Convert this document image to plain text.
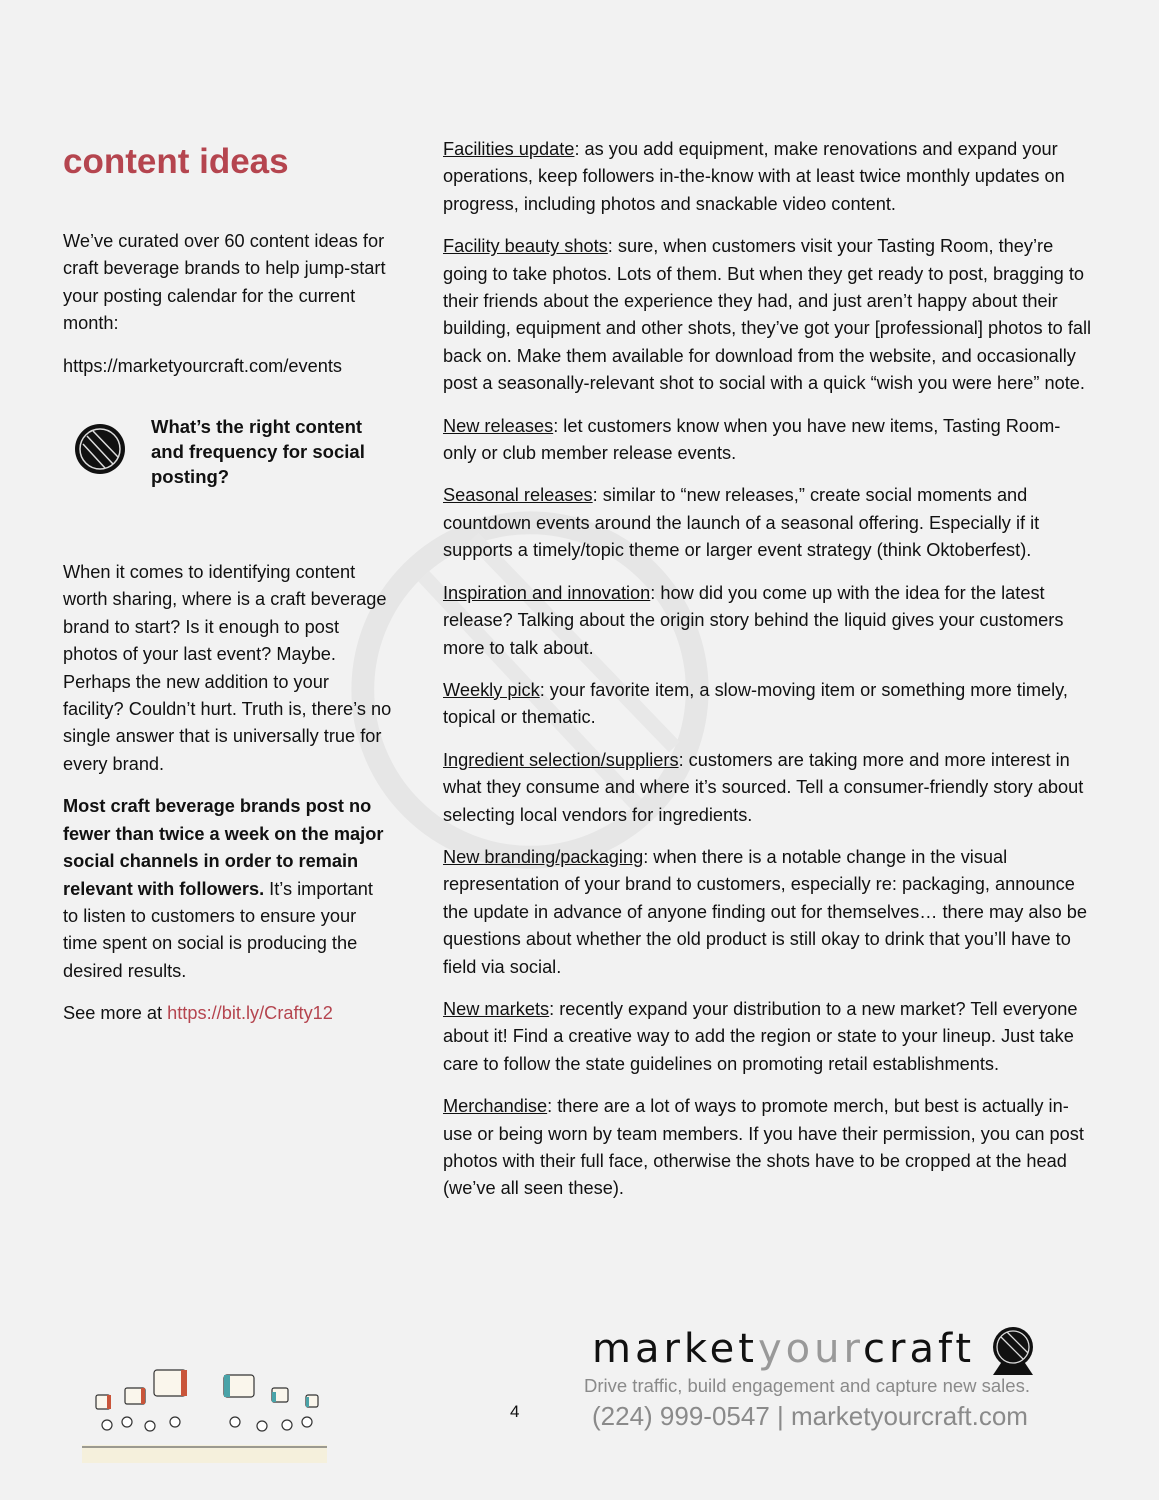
content ideas

We’ve curated over 60 content ideas for craft beverage brands to help jump-start your posting calendar for the current month:

https://marketyourcraft.com/events

What’s the right content and frequency for social posting?

When it comes to identifying content worth sharing, where is a craft beverage brand to start? Is it enough to post photos of your last event? Maybe. Perhaps the new addition to your facility? Couldn’t hurt. Truth is, there’s no single answer that is universally true for every brand.

Most craft beverage brands post no fewer than twice a week on the major social channels in order to remain relevant with followers. It’s important to listen to customers to ensure your time spent on social is producing the desired results.

See more at https://bit.ly/Crafty12

Facilities update: as you add equipment, make renovations and expand your operations, keep followers in-the-know with at least twice monthly updates on progress, including photos and snackable video content.

Facility beauty shots: sure, when customers visit your Tasting Room, they’re going to take photos. Lots of them. But when they get ready to post, bragging to their friends about the experience they had, and just aren’t happy about their building, equipment and other shots, they’ve got your [professional] photos to fall back on. Make them available for download from the website, and occasionally post a seasonally-relevant shot to social with a quick “wish you were here” note.

New releases: let customers know when you have new items, Tasting Room-only or club member release events.

Seasonal releases: similar to “new releases,” create social moments and countdown events around the launch of a seasonal offering. Especially if it supports a timely/topic theme or larger event strategy (think Oktoberfest).

Inspiration and innovation: how did you come up with the idea for the latest release? Talking about the origin story behind the liquid gives your customers more to talk about.

Weekly pick: your favorite item, a slow-moving item or something more timely, topical or thematic.

Ingredient selection/suppliers: customers are taking more and more interest in what they consume and where it’s sourced. Tell a consumer-friendly story about selecting local vendors for ingredients.

New branding/packaging: when there is a notable change in the visual representation of your brand to customers, especially re: packaging, announce the update in advance of anyone finding out for themselves… there may also be questions about whether the old product is still okay to drink that you’ll have to field via social.

New markets: recently expand your distribution to a new market? Tell everyone about it! Find a creative way to add the region or state to your lineup. Just take care to follow the state guidelines on promoting retail establishments.

Merchandise: there are a lot of ways to promote merch, but best is actually in-use or being worn by team members. If you have their permission, you can post photos with their full face, otherwise the shots have to be cropped at the head (we’ve all seen these).

4
marketyourcraft
Drive traffic, build engagement and capture new sales.
(224) 999-0547 | marketyourcraft.com
